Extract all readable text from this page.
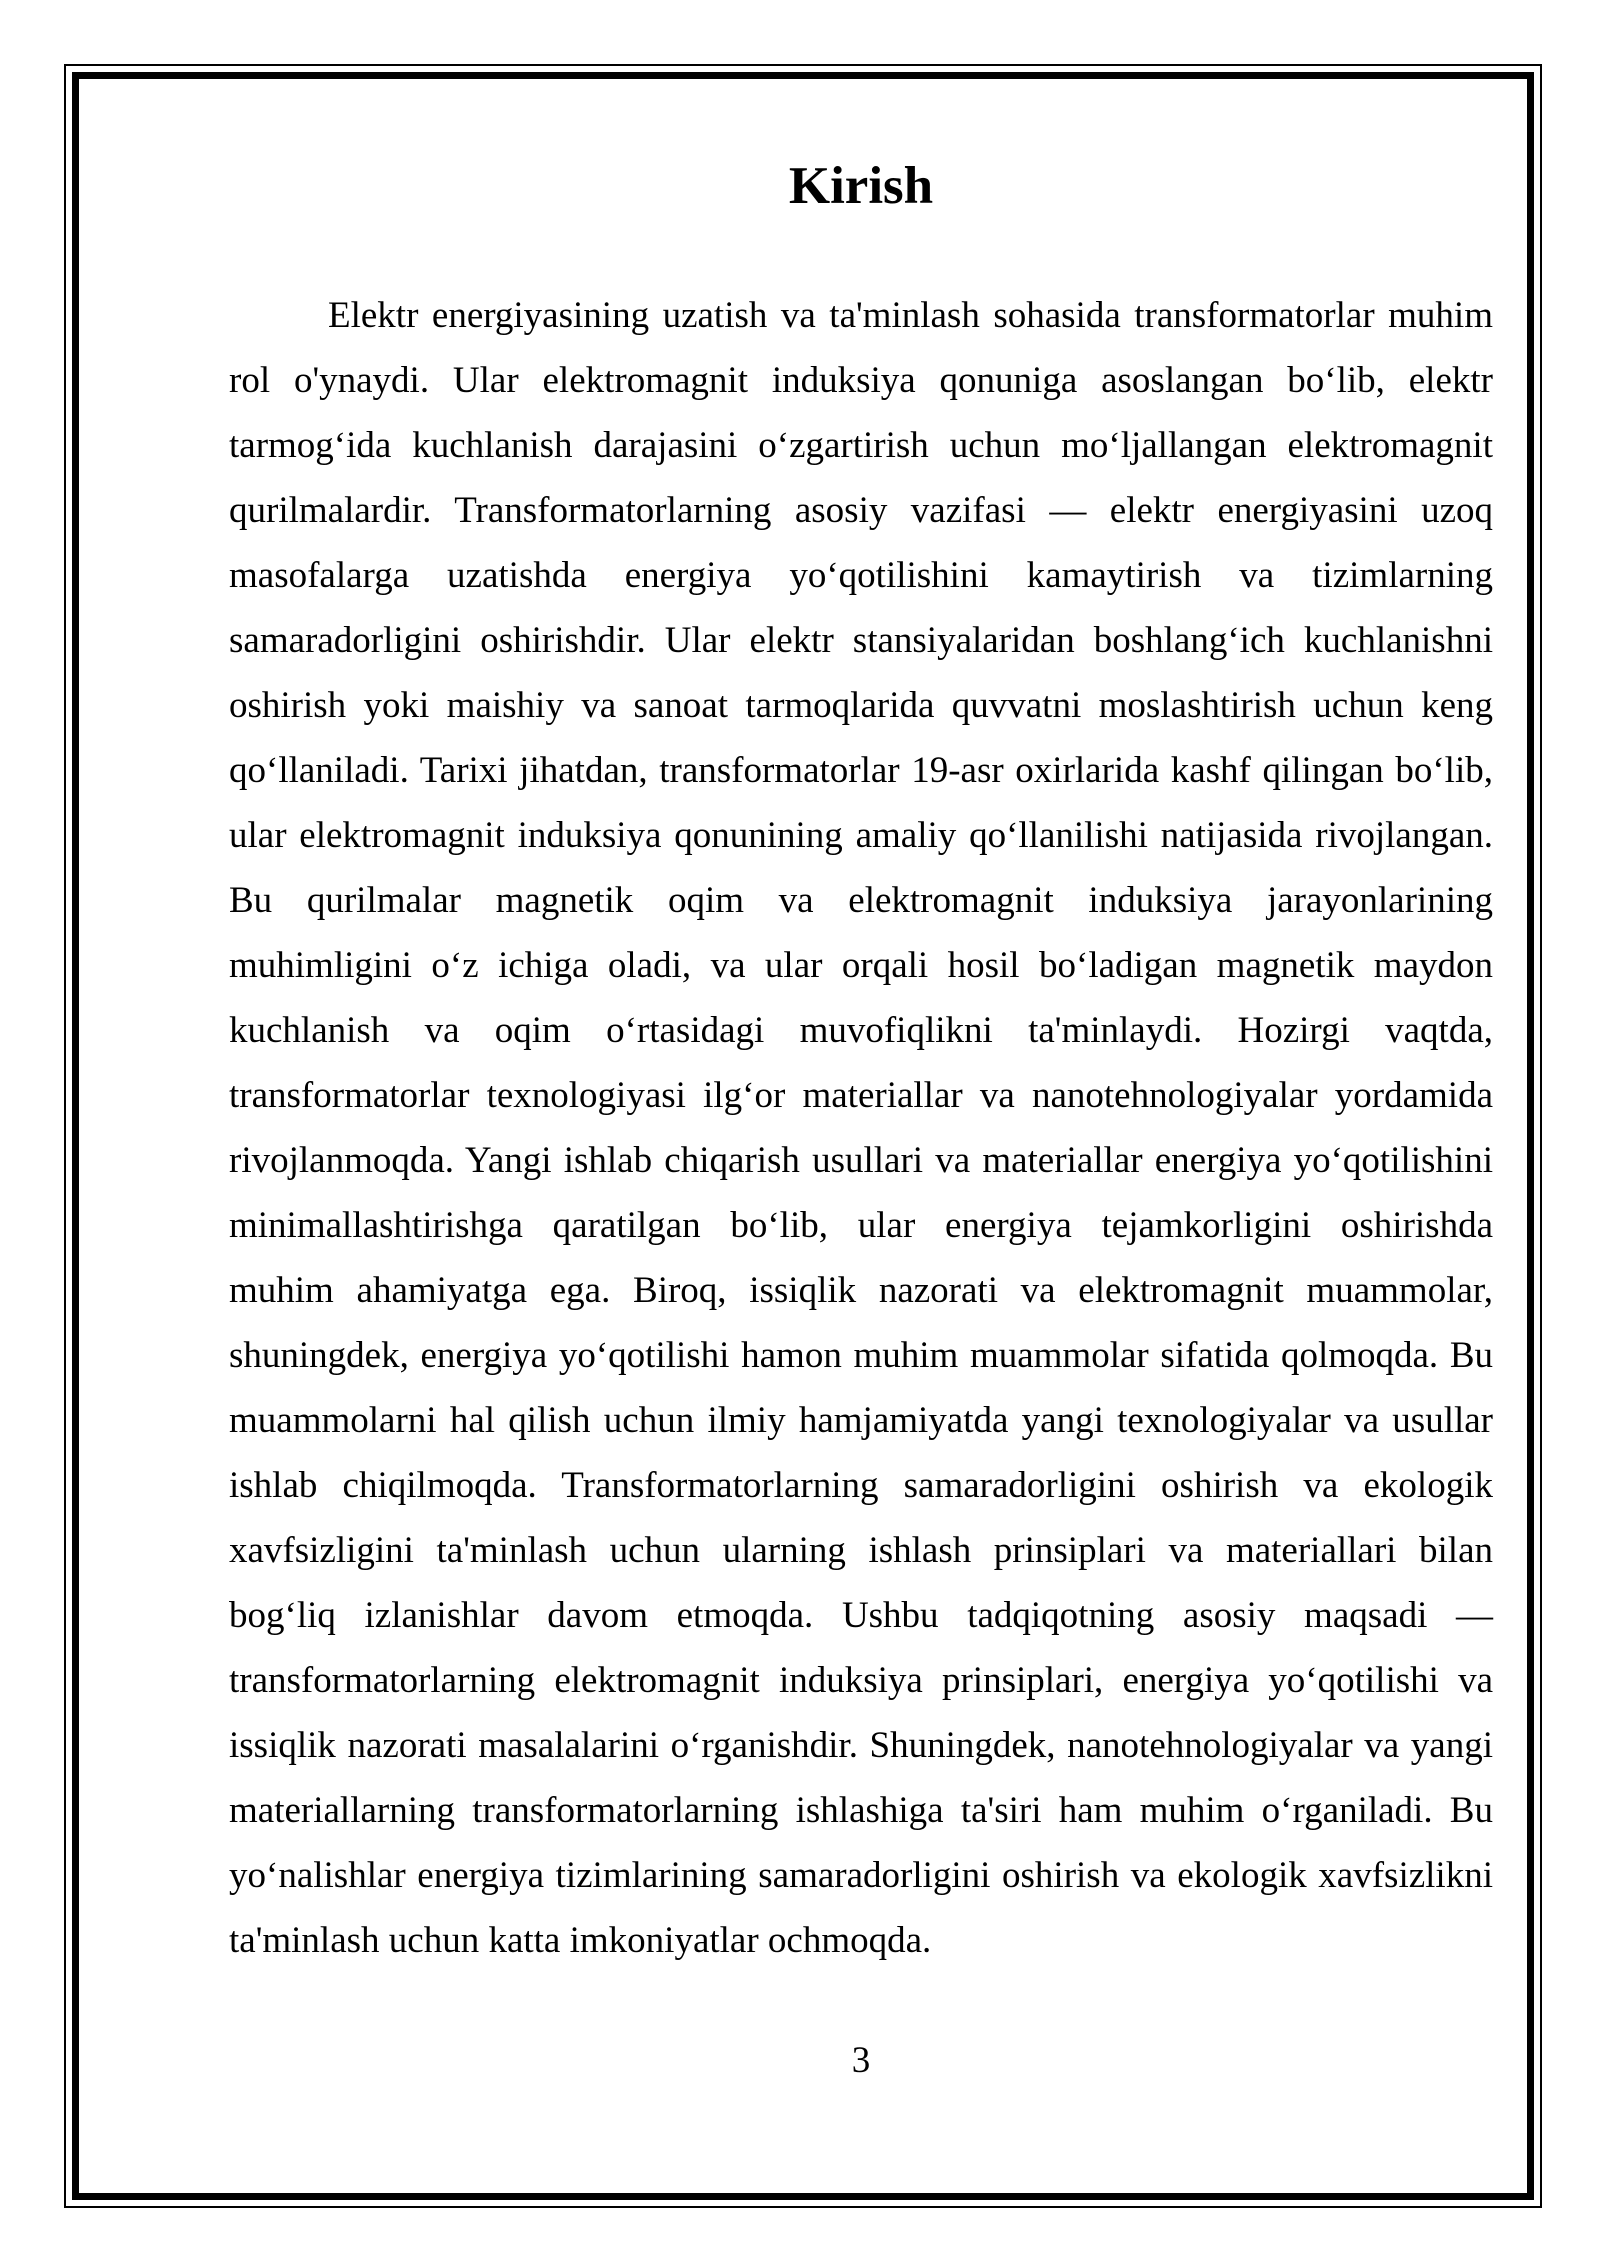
Kirish
Elektr energiyasining uzatish va ta'minlash sohasida transformatorlar muhim
rol o'ynaydi. Ular elektromagnit induksiya qonuniga asoslangan bo‘lib, elektr
tarmog‘ida kuchlanish darajasini o‘zgartirish uchun mo‘ljallangan elektromagnit
qurilmalardir. Transformatorlarning asosiy vazifasi — elektr energiyasini uzoq
masofalarga uzatishda energiya yo‘qotilishini kamaytirish va tizimlarning
samaradorligini oshirishdir. Ular elektr stansiyalaridan boshlang‘ich kuchlanishni
oshirish yoki maishiy va sanoat tarmoqlarida quvvatni moslashtirish uchun keng
qo‘llaniladi. Tarixi jihatdan, transformatorlar 19-asr oxirlarida kashf qilingan bo‘lib,
ular elektromagnit induksiya qonunining amaliy qo‘llanilishi natijasida rivojlangan.
Bu qurilmalar magnetik oqim va elektromagnit induksiya jarayonlarining
muhimligini o‘z ichiga oladi, va ular orqali hosil bo‘ladigan magnetik maydon
kuchlanish va oqim o‘rtasidagi muvofiqlikni ta'minlaydi. Hozirgi vaqtda,
transformatorlar texnologiyasi ilg‘or materiallar va nanotehnologiyalar yordamida
rivojlanmoqda. Yangi ishlab chiqarish usullari va materiallar energiya yo‘qotilishini
minimallashtirishga qaratilgan bo‘lib, ular energiya tejamkorligini oshirishda
muhim ahamiyatga ega. Biroq, issiqlik nazorati va elektromagnit muammolar,
shuningdek, energiya yo‘qotilishi hamon muhim muammolar sifatida qolmoqda. Bu
muammolarni hal qilish uchun ilmiy hamjamiyatda yangi texnologiyalar va usullar
ishlab chiqilmoqda. Transformatorlarning samaradorligini oshirish va ekologik
xavfsizligini ta'minlash uchun ularning ishlash prinsiplari va materiallari bilan
bog‘liq izlanishlar davom etmoqda. Ushbu tadqiqotning asosiy maqsadi —
transformatorlarning elektromagnit induksiya prinsiplari, energiya yo‘qotilishi va
issiqlik nazorati masalalarini o‘rganishdir. Shuningdek, nanotehnologiyalar va yangi
materiallarning transformatorlarning ishlashiga ta'siri ham muhim o‘rganiladi. Bu
yo‘nalishlar energiya tizimlarining samaradorligini oshirish va ekologik xavfsizlikni
ta'minlash uchun katta imkoniyatlar ochmoqda.
3
